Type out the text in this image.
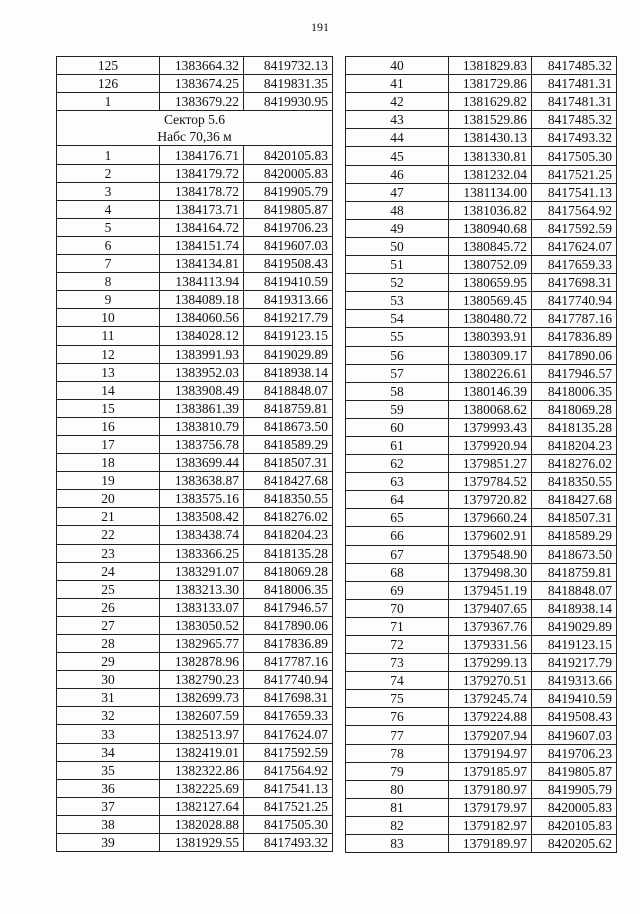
191
125	1383664.32	8419732.13
126	1383674.25	8419831.35
1	1383679.22	8419930.95
Сектор 5.6		
Набс 70,36 м		
1	1384176.71	8420105.83
2	1384179.72	8420005.83
3	1384178.72	8419905.79
4	1384173.71	8419805.87
5	1384164.72	8419706.23
6	1384151.74	8419607.03
7	1384134.81	8419508.43
8	1384113.94	8419410.59
9	1384089.18	8419313.66
10	1384060.56	8419217.79
11	1384028.12	8419123.15
12	1383991.93	8419029.89
13	1383952.03	8418938.14
14	1383908.49	8418848.07
15	1383861.39	8418759.81
16	1383810.79	8418673.50
17	1383756.78	8418589.29
18	1383699.44	8418507.31
19	1383638.87	8418427.68
20	1383575.16	8418350.55
21	1383508.42	8418276.02
22	1383438.74	8418204.23
23	1383366.25	8418135.28
24	1383291.07	8418069.28
25	1383213.30	8418006.35
26	1383133.07	8417946.57
27	1383050.52	8417890.06
28	1382965.77	8417836.89
29	1382878.96	8417787.16
30	1382790.23	8417740.94
31	1382699.73	8417698.31
32	1382607.59	8417659.33
33	1382513.97	8417624.07
34	1382419.01	8417592.59
35	1382322.86	8417564.92
36	1382225.69	8417541.13
37	1382127.64	8417521.25
38	1382028.88	8417505.30
39	1381929.55	8417493.32
40	1381829.83	8417485.32
41	1381729.86	8417481.31
42	1381629.82	8417481.31
43	1381529.86	8417485.32
44	1381430.13	8417493.32
45	1381330.81	8417505.30
46	1381232.04	8417521.25
47	1381134.00	8417541.13
48	1381036.82	8417564.92
49	1380940.68	8417592.59
50	1380845.72	8417624.07
51	1380752.09	8417659.33
52	1380659.95	8417698.31
53	1380569.45	8417740.94
54	1380480.72	8417787.16
55	1380393.91	8417836.89
56	1380309.17	8417890.06
57	1380226.61	8417946.57
58	1380146.39	8418006.35
59	1380068.62	8418069.28
60	1379993.43	8418135.28
61	1379920.94	8418204.23
62	1379851.27	8418276.02
63	1379784.52	8418350.55
64	1379720.82	8418427.68
65	1379660.24	8418507.31
66	1379602.91	8418589.29
67	1379548.90	8418673.50
68	1379498.30	8418759.81
69	1379451.19	8418848.07
70	1379407.65	8418938.14
71	1379367.76	8419029.89
72	1379331.56	8419123.15
73	1379299.13	8419217.79
74	1379270.51	8419313.66
75	1379245.74	8419410.59
76	1379224.88	8419508.43
77	1379207.94	8419607.03
78	1379194.97	8419706.23
79	1379185.97	8419805.87
80	1379180.97	8419905.79
81	1379179.97	8420005.83
82	1379182.97	8420105.83
83	1379189.97	8420205.62
